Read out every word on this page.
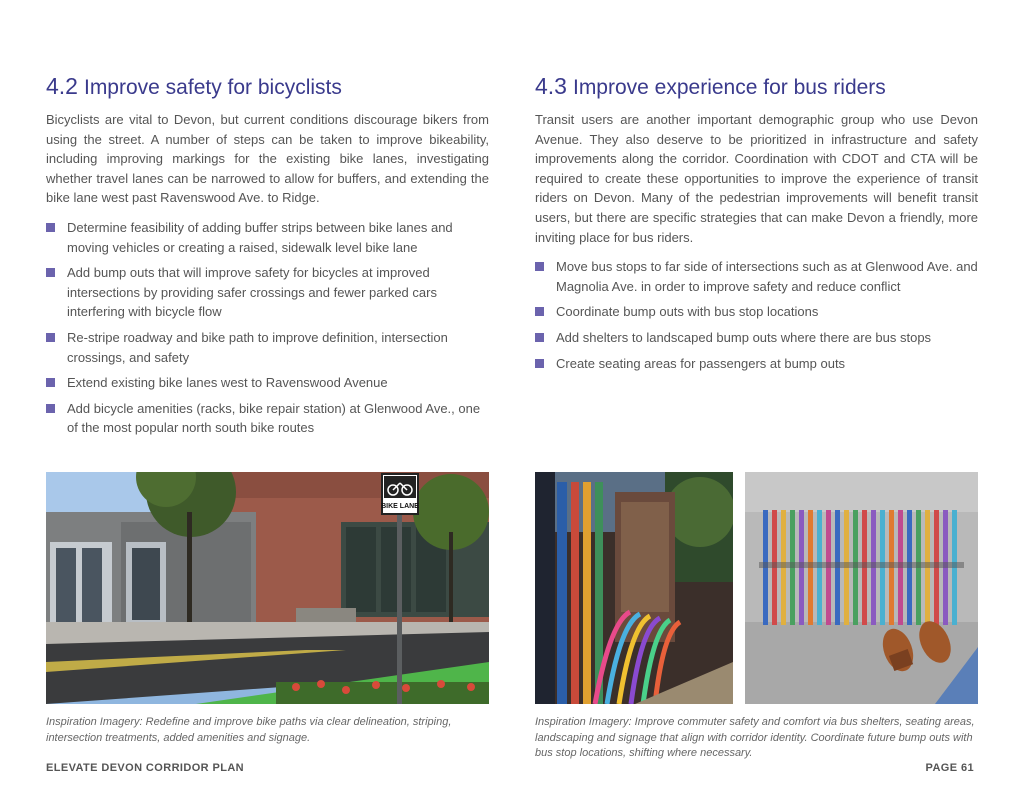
4.2 Improve safety for bicyclists

Bicyclists are vital to Devon, but current conditions discourage bikers from using the street. A number of steps can be taken to improve bikeability, including improving markings for the existing bike lanes, investigating whether travel lanes can be narrowed to allow for buffers, and extending the bike lane west past Ravenswood Ave. to Ridge.

Determine feasibility of adding buffer strips between bike lanes and moving vehicles or creating a raised, sidewalk level bike lane
Add bump outs that will improve safety for bicycles at improved intersections by providing safer crossings and fewer parked cars interfering with bicycle flow
Re-stripe roadway and bike path to improve definition, intersection crossings, and safety
Extend existing bike lanes west to Ravenswood Avenue
Add bicycle amenities (racks, bike repair station) at Glenwood Ave., one of the most popular north south bike routes
4.3 Improve experience for bus riders

Transit users are another important demographic group who use Devon Avenue. They also deserve to be prioritized in infrastructure and safety improvements along the corridor. Coordination with CDOT and CTA will be required to create these opportunities to improve the experience of transit riders on Devon. Many of the pedestrian improvements will benefit transit users, but there are specific strategies that can make Devon a friendly, more inviting place for bus riders.

Move bus stops to far side of intersections such as at Glenwood Ave. and Magnolia Ave. in order to improve safety and reduce conflict
Coordinate bump outs with bus stop locations
Add shelters to landscaped bump outs where there are bus stops
Create seating areas for passengers at bump outs
BIKE LANE
Inspiration Imagery: Redefine and improve bike paths via clear delineation, striping, intersection treatments, added amenities and signage.
Inspiration Imagery: Improve commuter safety and comfort via bus shelters, seating areas, landscaping and signage that align with corridor identity. Coordinate future bump outs with bus stop locations, shifting where necessary.
ELEVATE DEVON CORRIDOR PLAN	PAGE 61
